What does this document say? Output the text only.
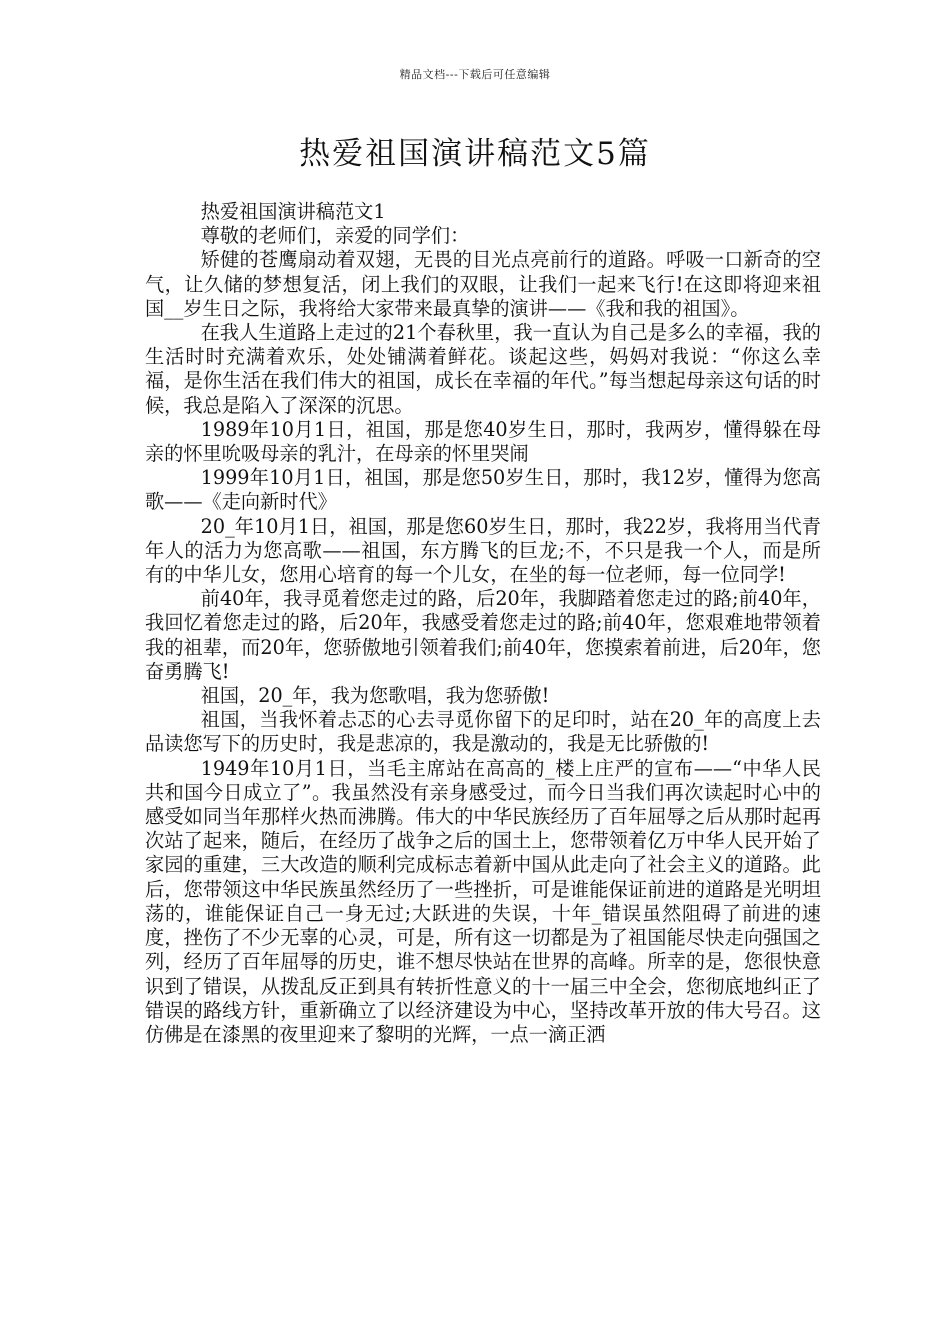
精品文档---下载后可任意编辑
热爱祖国演讲稿范文5篇

热爱祖国演讲稿范文1

尊敬的老师们，亲爱的同学们：

矫健的苍鹰扇动着双翅，无畏的目光点亮前行的道路。呼吸一口新奇的空气，让久储的梦想复活，闭上我们的双眼，让我们一起来飞行!在这即将迎来祖国__岁生日之际，我将给大家带来最真挚的演讲——《我和我的祖国》。

在我人生道路上走过的21个春秋里，我一直认为自己是多么的幸福，我的生活时时充满着欢乐，处处铺满着鲜花。谈起这些，妈妈对我说：“你这么幸福，是你生活在我们伟大的祖国，成长在幸福的年代。”每当想起母亲这句话的时候，我总是陷入了深深的沉思。

1989年10月1日，祖国，那是您40岁生日，那时，我两岁，懂得躲在母亲的怀里吮吸母亲的乳汁，在母亲的怀里哭闹

1999年10月1日，祖国，那是您50岁生日，那时，我12岁，懂得为您高歌——《走向新时代》

20_年10月1日，祖国，那是您60岁生日，那时，我22岁，我将用当代青年人的活力为您高歌——祖国，东方腾飞的巨龙;不，不只是我一个人，而是所有的中华儿女，您用心培育的每一个儿女，在坐的每一位老师，每一位同学!

前40年，我寻觅着您走过的路，后20年，我脚踏着您走过的路;前40年，我回忆着您走过的路，后20年，我感受着您走过的路;前40年，您艰难地带领着我的祖辈，而20年，您骄傲地引领着我们;前40年，您摸索着前进，后20年，您奋勇腾飞!

祖国，20_年，我为您歌唱，我为您骄傲!

祖国，当我怀着忐忑的心去寻觅你留下的足印时，站在20_年的高度上去品读您写下的历史时，我是悲凉的，我是激动的，我是无比骄傲的!

1949年10月1日，当毛主席站在高高的_楼上庄严的宣布——“中华人民共和国今日成立了”。我虽然没有亲身感受过，而今日当我们再次读起时心中的感受如同当年那样火热而沸腾。伟大的中华民族经历了百年屈辱之后从那时起再次站了起来，随后，在经历了战争之后的国土上，您带领着亿万中华人民开始了家园的重建，三大改造的顺利完成标志着新中国从此走向了社会主义的道路。此后，您带领这中华民族虽然经历了一些挫折，可是谁能保证前进的道路是光明坦荡的，谁能保证自己一身无过;大跃进的失误，十年_错误虽然阻碍了前进的速度，挫伤了不少无辜的心灵，可是，所有这一切都是为了祖国能尽快走向强国之列，经历了百年屈辱的历史，谁不想尽快站在世界的高峰。所幸的是，您很快意识到了错误，从拨乱反正到具有转折性意义的十一届三中全会，您彻底地纠正了错误的路线方针，重新确立了以经济建设为中心，坚持改革开放的伟大号召。这仿佛是在漆黑的夜里迎来了黎明的光辉，一点一滴正洒
